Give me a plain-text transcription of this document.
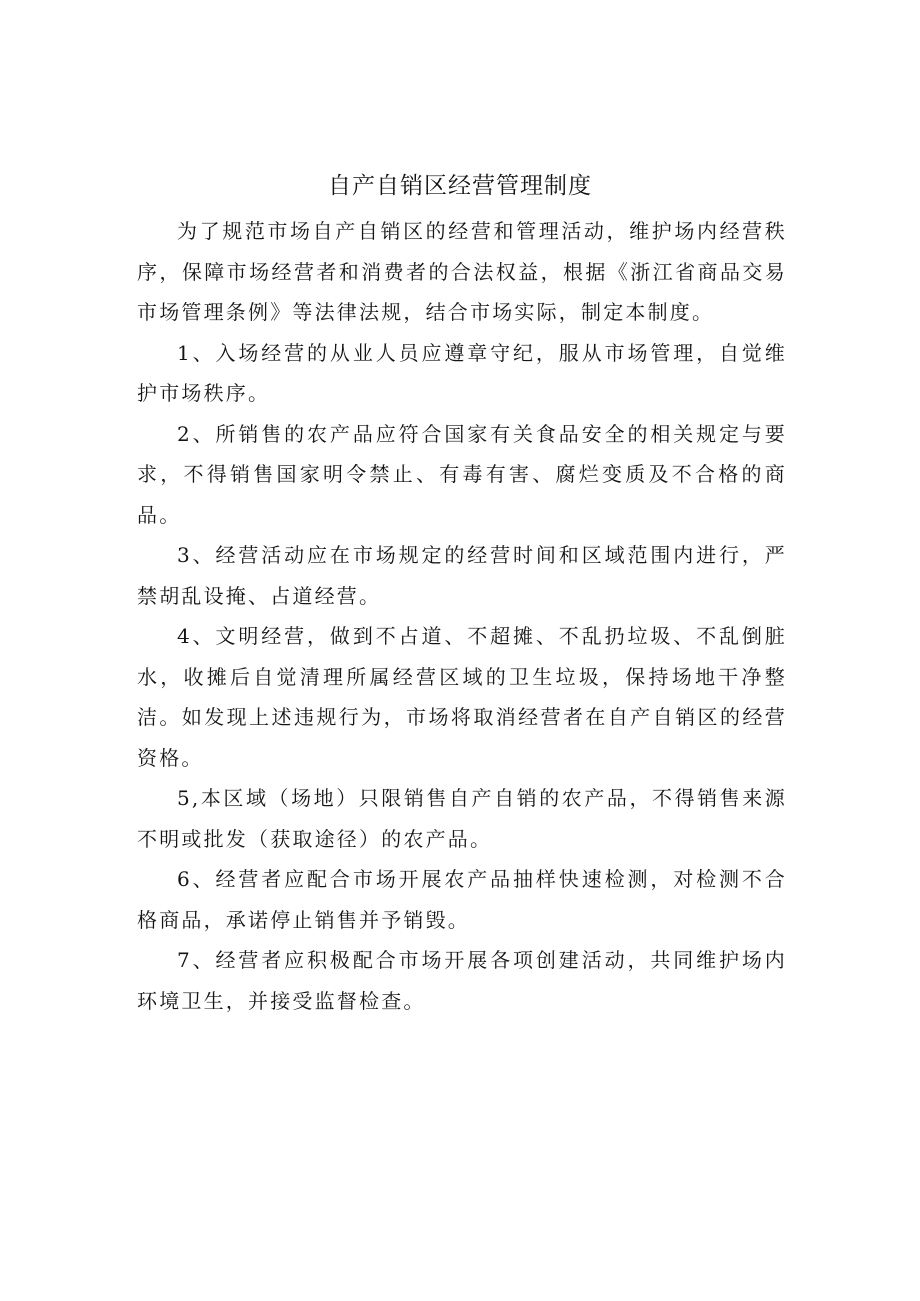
自产自销区经营管理制度

为了规范市场自产自销区的经营和管理活动，维护场内经营秩序，保障市场经营者和消费者的合法权益，根据《浙江省商品交易市场管理条例》等法律法规，结合市场实际，制定本制度。

1、入场经营的从业人员应遵章守纪，服从市场管理，自觉维护市场秩序。

2、所销售的农产品应符合国家有关食品安全的相关规定与要求，不得销售国家明令禁止、有毒有害、腐烂变质及不合格的商品。

3、经营活动应在市场规定的经营时间和区域范围内进行，严禁胡乱设掩、占道经营。

4、文明经营，做到不占道、不超摊、不乱扔垃圾、不乱倒脏水，收摊后自觉清理所属经营区域的卫生垃圾，保持场地干净整洁。如发现上述违规行为，市场将取消经营者在自产自销区的经营资格。

5,本区域（场地）只限销售自产自销的农产品，不得销售来源不明或批发（获取途径）的农产品。

6、经营者应配合市场开展农产品抽样快速检测，对检测不合格商品，承诺停止销售并予销毁。

7、经营者应积极配合市场开展各项创建活动，共同维护场内环境卫生，并接受监督检查。
